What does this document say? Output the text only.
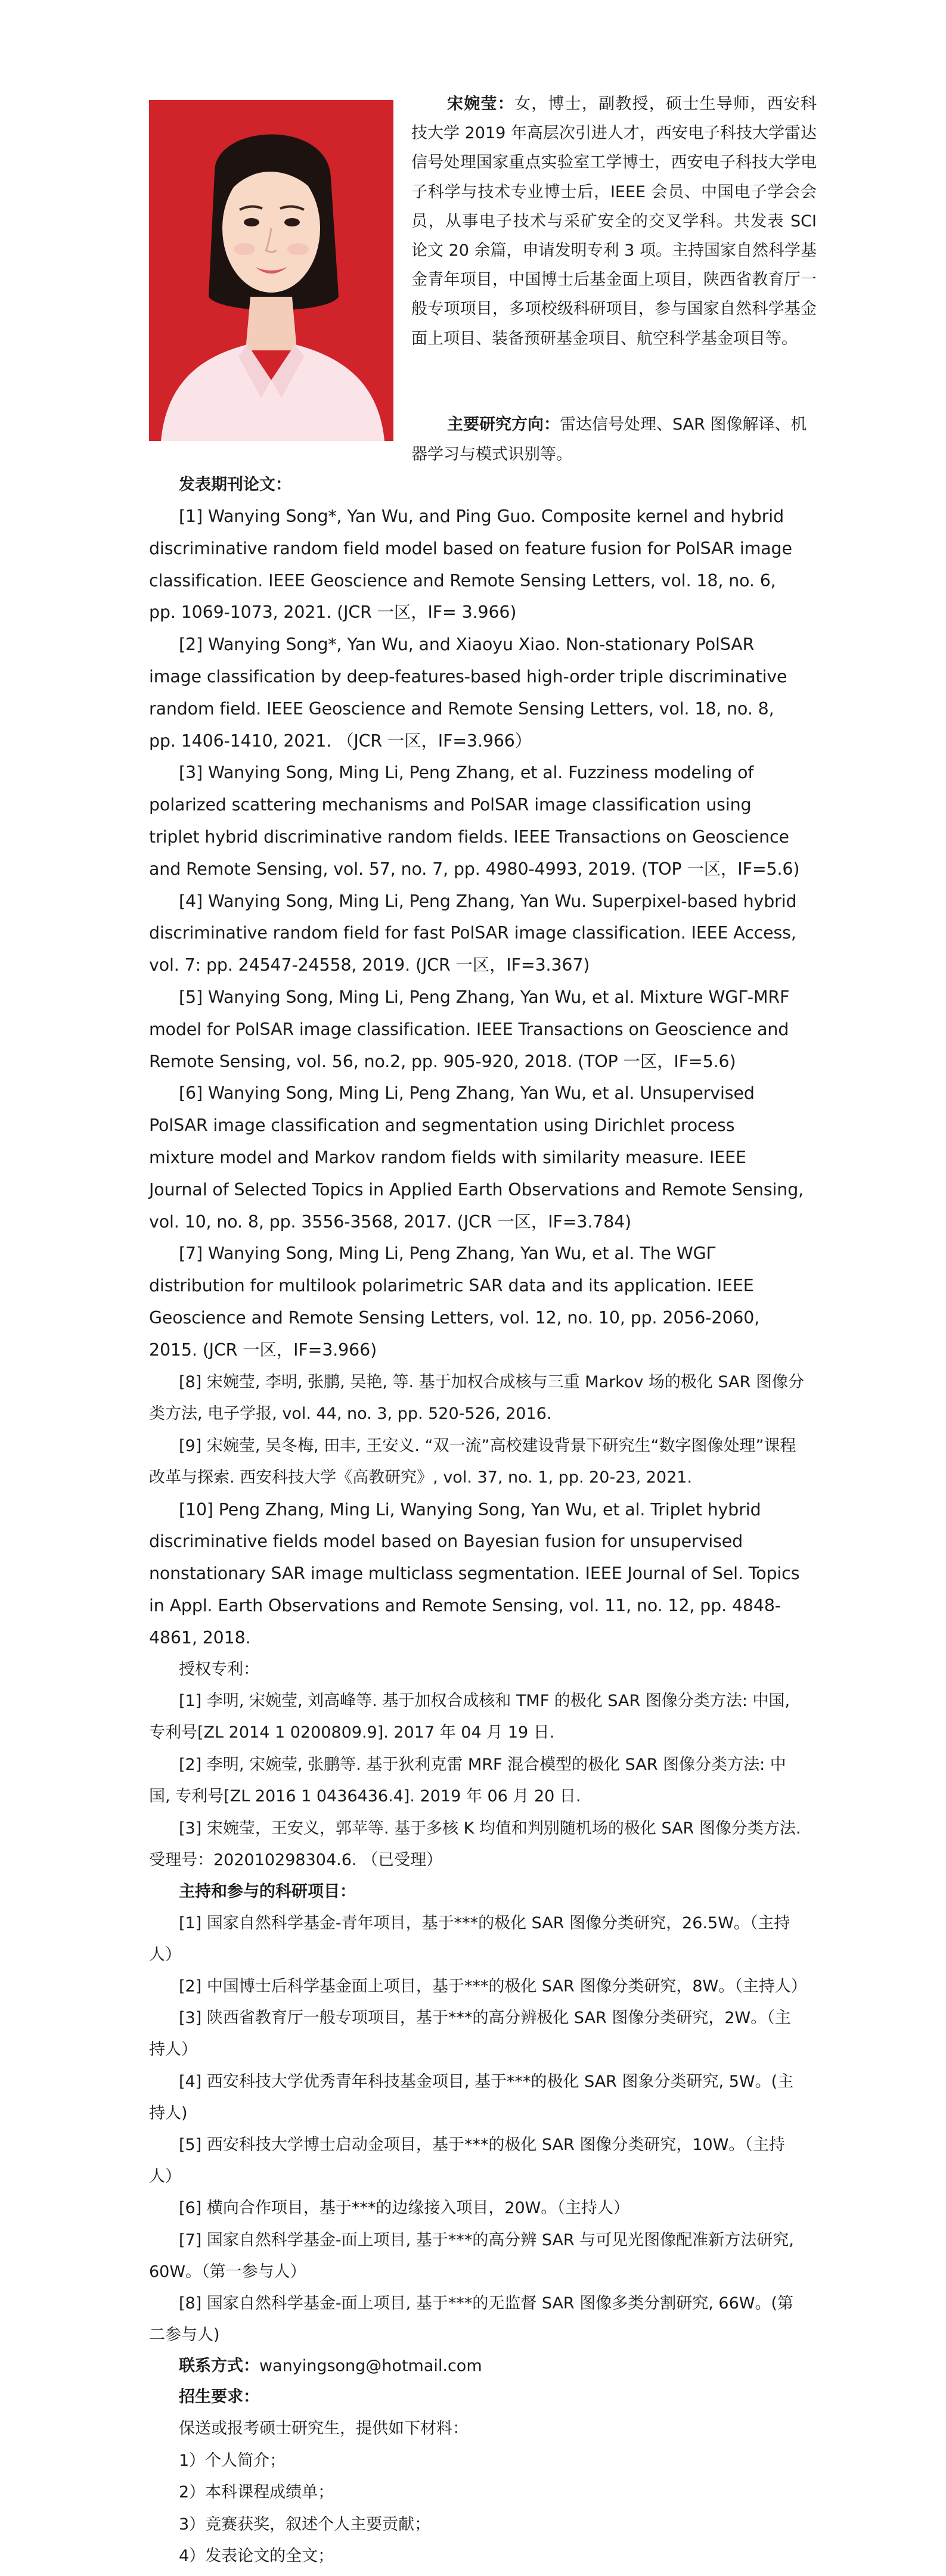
宋婉莹：女，博士，副教授，硕士生导师，西安科技大学 2019 年高层次引进人才，西安电子科技大学雷达信号处理国家重点实验室工学博士，西安电子科技大学电子科学与技术专业博士后，IEEE 会员、中国电子学会会员，从事电子技术与采矿安全的交叉学科。共发表 SCI 论文 20 余篇，申请发明专利 3 项。主持国家自然科学基金青年项目，中国博士后基金面上项目，陕西省教育厅一般专项项目，多项校级科研项目，参与国家自然科学基金面上项目、装备预研基金项目、航空科学基金项目等。

主要研究方向：雷达信号处理、SAR 图像解译、机器学习与模式识别等。

发表期刊论文：

[1] Wanying Song*, Yan Wu, and Ping Guo. Composite kernel and hybrid discriminative random field model based on feature fusion for PolSAR image classification. IEEE Geoscience and Remote Sensing Letters, vol. 18, no. 6, pp. 1069-1073, 2021. (JCR 一区，IF= 3.966)

[2] Wanying Song*, Yan Wu, and Xiaoyu Xiao. Non-stationary PolSAR image classification by deep-features-based high-order triple discriminative random field. IEEE Geoscience and Remote Sensing Letters, vol. 18, no. 8, pp. 1406-1410, 2021. （JCR 一区，IF=3.966）

[3] Wanying Song, Ming Li, Peng Zhang, et al. Fuzziness modeling of polarized scattering mechanisms and PolSAR image classification using triplet hybrid discriminative random fields. IEEE Transactions on Geoscience and Remote Sensing, vol. 57, no. 7, pp. 4980-4993, 2019. (TOP 一区，IF=5.6)

[4] Wanying Song, Ming Li, Peng Zhang, Yan Wu. Superpixel-based hybrid discriminative random field for fast PolSAR image classification. IEEE Access, vol. 7: pp. 24547-24558, 2019. (JCR 一区，IF=3.367)

[5] Wanying Song, Ming Li, Peng Zhang, Yan Wu, et al. Mixture WGΓ-MRF model for PolSAR image classification. IEEE Transactions on Geoscience and Remote Sensing, vol. 56, no.2, pp. 905-920, 2018. (TOP 一区，IF=5.6)

[6] Wanying Song, Ming Li, Peng Zhang, Yan Wu, et al. Unsupervised PolSAR image classification and segmentation using Dirichlet process mixture model and Markov random fields with similarity measure. IEEE Journal of Selected Topics in Applied Earth Observations and Remote Sensing, vol. 10, no. 8, pp. 3556-3568, 2017. (JCR 一区，IF=3.784)

[7] Wanying Song, Ming Li, Peng Zhang, Yan Wu, et al. The WGΓ distribution for multilook polarimetric SAR data and its application. IEEE Geoscience and Remote Sensing Letters, vol. 12, no. 10, pp. 2056-2060, 2015. (JCR 一区，IF=3.966)

[8] 宋婉莹, 李明, 张鹏, 吴艳, 等. 基于加权合成核与三重 Markov 场的极化 SAR 图像分类方法, 电子学报, vol. 44, no. 3, pp. 520-526, 2016.

[9] 宋婉莹, 吴冬梅, 田丰, 王安义. “双一流”高校建设背景下研究生“数字图像处理”课程改革与探索. 西安科技大学《高教研究》, vol. 37, no. 1, pp. 20-23, 2021.

[10] Peng Zhang, Ming Li, Wanying Song, Yan Wu, et al. Triplet hybrid discriminative fields model based on Bayesian fusion for unsupervised nonstationary SAR image multiclass segmentation. IEEE Journal of Sel. Topics in Appl. Earth Observations and Remote Sensing, vol. 11, no. 12, pp. 4848-4861, 2018.

授权专利：

[1] 李明, 宋婉莹, 刘高峰等. 基于加权合成核和 TMF 的极化 SAR 图像分类方法: 中国, 专利号[ZL 2014 1 0200809.9]. 2017 年 04 月 19 日.

[2] 李明, 宋婉莹, 张鹏等. 基于狄利克雷 MRF 混合模型的极化 SAR 图像分类方法: 中国, 专利号[ZL 2016 1 0436436.4]. 2019 年 06 月 20 日.

[3] 宋婉莹，王安义，郭苹等. 基于多核 K 均值和判别随机场的极化 SAR 图像分类方法. 受理号：202010298304.6. （已受理）

主持和参与的科研项目：

[1] 国家自然科学基金-青年项目，基于***的极化 SAR 图像分类研究，26.5W。（主持人）

[2] 中国博士后科学基金面上项目，基于***的极化 SAR 图像分类研究，8W。（主持人）

[3] 陕西省教育厅一般专项项目，基于***的高分辨极化 SAR 图像分类研究，2W。（主持人）

[4] 西安科技大学优秀青年科技基金项目, 基于***的极化 SAR 图象分类研究, 5W。(主持人)

[5] 西安科技大学博士启动金项目，基于***的极化 SAR 图像分类研究，10W。（主持人）

[6] 横向合作项目，基于***的边缘接入项目，20W。（主持人）

[7] 国家自然科学基金-面上项目, 基于***的高分辨 SAR 与可见光图像配准新方法研究, 60W。（第一参与人）

[8] 国家自然科学基金-面上项目, 基于***的无监督 SAR 图像多类分割研究, 66W。(第二参与人)

联系方式：wanyingsong@hotmail.com

招生要求：

保送或报考硕士研究生，提供如下材料：

1）个人简介；

2）本科课程成绩单；

3）竞赛获奖，叙述个人主要贡献；

4）发表论文的全文；
